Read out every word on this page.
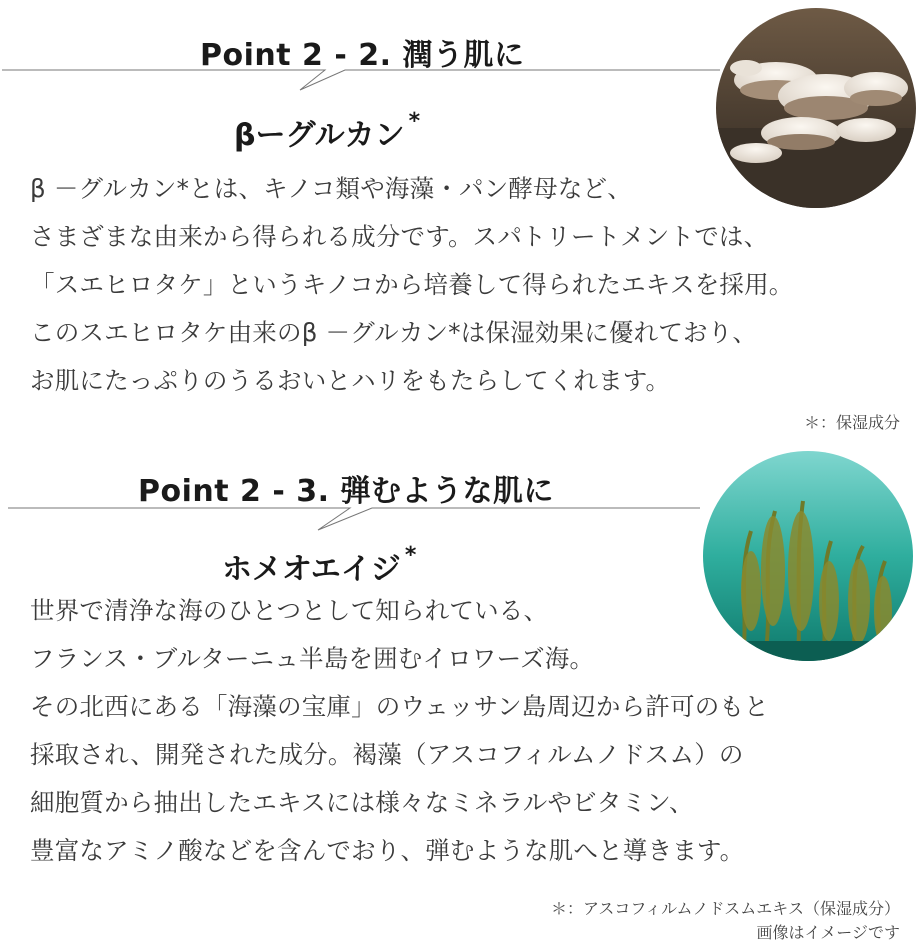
Point 2 - 2. 潤う肌に
βーグルカン *
β －グルカン*とは、キノコ類や海藻・パン酵母など、
さまざまな由来から得られる成分です。スパトリートメントでは、
「スエヒロタケ」というキノコから培養して得られたエキスを採用。
このスエヒロタケ由来のβ －グルカン*は保湿効果に優れており、
お肌にたっぷりのうるおいとハリをもたらしてくれます。
＊：保湿成分
Point 2 - 3. 弾むような肌に
ホメオエイジ *
世界で清浄な海のひとつとして知られている、
フランス・ブルターニュ半島を囲むイロワーズ海。
その北西にある「海藻の宝庫」のウェッサン島周辺から許可のもと
採取され、開発された成分。褐藻（アスコフィルムノドスム）の
細胞質から抽出したエキスには様々なミネラルやビタミン、
豊富なアミノ酸などを含んでおり、弾むような肌へと導きます。
＊：アスコフィルムノドスムエキス（保湿成分）
画像はイメージです
